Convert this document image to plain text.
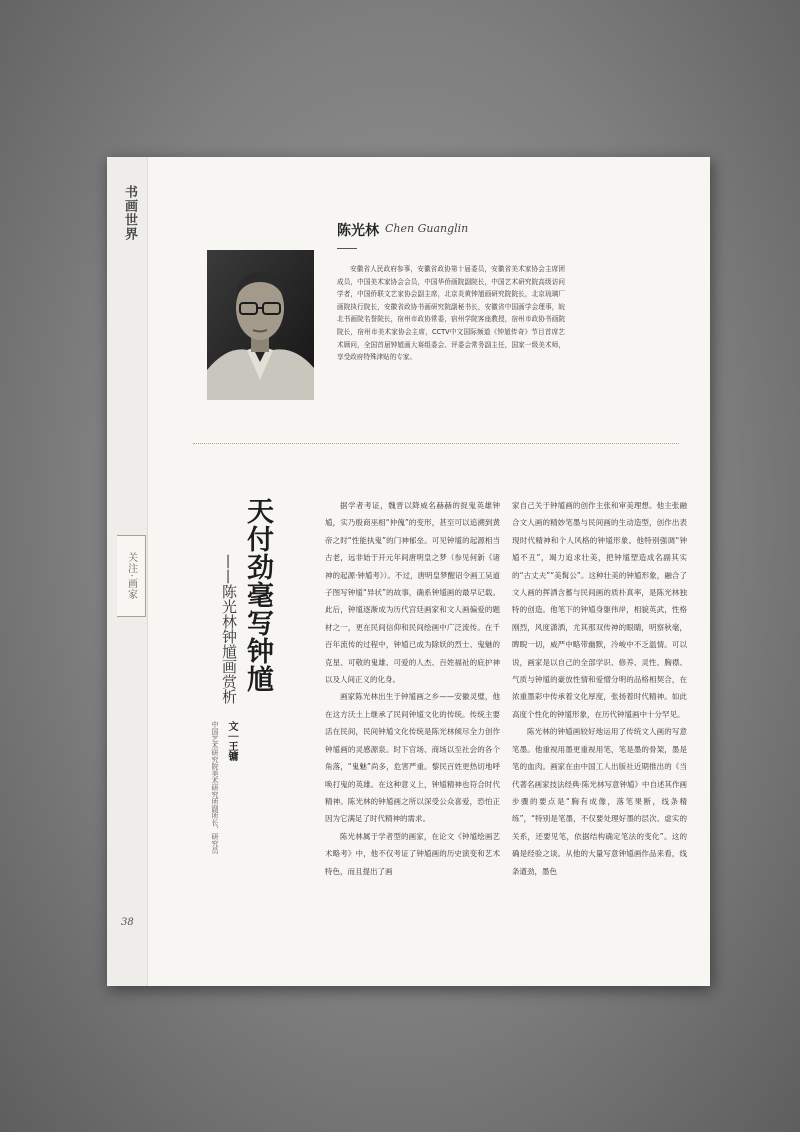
书画世界
关注·画家
38
陈光林 Chen Guanglin
安徽省人民政府参事，安徽省政协第十届委员，安徽省美术家协会主席团成员，中国美术家协会会员，中国华侨画院副院长，中国艺术研究院高级访问学者，中国侨联文艺家协会副主席，北京炎黄钟馗画研究院院长，北京琉璃厂画院执行院长，安徽省政协书画研究院副秘书长，安徽省中国画学会理事，皖北书画院名誉院长，宿州市政协常委，宿州学院客座教授，宿州市政协书画院院长，宿州市美术家协会主席，CCTV中文国际频道《钟馗传奇》节目首席艺术顾问，全国首届钟馗画大赛组委会、评委会常务副主任，国家一级美术师，享受政府特殊津贴的专家。
天付劲毫写钟馗
——陈光林钟馗画赏析
文｜王镛
中国艺术研究院美术研究所副所长、研究员

据学者考证，魏晋以降威名赫赫的捉鬼英雄钟馗，实乃殷商巫相“仲傀”的变形，甚至可以追溯到黄帝之时“性能执鬼”的门神郁垒。可见钟馗的起源相当古老，远非始于开元年间唐明皇之梦（参见何新《诸神的起源·钟馗考》）。不过，唐明皇梦醒诏令画工吴道子图写钟馗“异状”的故事，确系钟馗画的最早记载。此后，钟馗逐渐成为历代宫廷画家和文人画偏爱的题材之一，更在民间信仰和民间绘画中广泛流传。在千百年流传的过程中，钟馗已成为除妖的烈士、鬼魅的克星、可敬的鬼雄、可爱的人杰、百姓福祉的庇护神以及人间正义的化身。

画家陈光林出生于钟馗画之乡——安徽灵璧，他在这方沃土上继承了民间钟馗文化的传统。传统主要活在民间，民间钟馗文化传统是陈光林倾尽全力创作钟馗画的灵感源泉。时下官场、商场以至社会的各个角落，“鬼魅”尚多，危害严重。黎民百姓更热切地呼唤打鬼的英雄。在这种意义上，钟馗精神也符合时代精神。陈光林的钟馗画之所以深受公众喜爱，恐怕正因为它满足了时代精神的需求。

陈光林属于学者型的画家，在论文《钟馗绘画艺术略考》中，他不仅考证了钟馗画的历史演变和艺术特色，而且提出了画

家自己关于钟馗画的创作主张和审美理想。他主张融合文人画的精妙笔墨与民间画的生动造型，创作出表现时代精神和个人风格的钟馗形象。他特别强调“钟馗不丑”，竭力追求壮美，把钟馗塑造成名副其实的“古丈夫”“美髯公”。这种壮美的钟馗形象，融合了文人画的挥洒含蓄与民间画的质朴真率，是陈光林独特的创造。他笔下的钟馗身躯伟岸，相貌英武，性格刚烈，风度潇洒，尤其那双传神的眼睛，明察秋毫，睥睨一切，威严中略带幽默，冷峻中不乏温情。可以说，画家是以自己的全部学识、修养、灵性、胸襟、气质与钟馗的豪放性情和爱憎分明的品格相契合，在浓重墨彩中传承着文化厚度，张扬着时代精神。如此高度个性化的钟馗形象，在历代钟馗画中十分罕见。

陈光林的钟馗画较好地运用了传统文人画的写意笔墨。他重视用墨更重视用笔，笔是墨的骨架，墨是笔的血肉。画家在由中国工人出版社近期推出的《当代著名画家技法经典·陈光林写意钟馗》中自述其作画步骤的要点是“胸有成像，落笔果断，线条精练”，“特别是笔墨，不仅要处理好墨的层次、虚实的关系，还要见笔，依据结构确定笔法的变化”。这的确是经验之谈。从他的大量写意钟馗画作品来看，线条遒劲，墨色
